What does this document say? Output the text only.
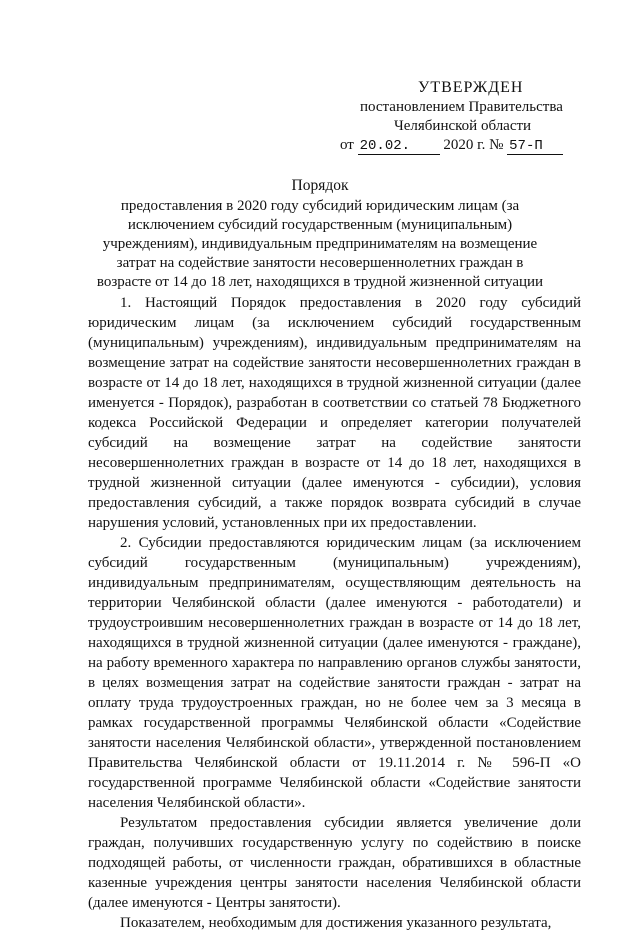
УТВЕРЖДЕН
постановлением Правительства
Челябинской области
от 20.02. 2020 г. № 57-П
Порядок
предоставления в 2020 году субсидий юридическим лицам (за исключением субсидий государственным (муниципальным) учреждениям), индивидуальным предпринимателям на возмещение затрат на содействие занятости несовершеннолетних граждан в возрасте от 14 до 18 лет, находящихся в трудной жизненной ситуации

1. Настоящий Порядок предоставления в 2020 году субсидий юридическим лицам (за исключением субсидий государственным (муниципальным) учреждениям), индивидуальным предпринимателям на возмещение затрат на содействие занятости несовершеннолетних граждан в возрасте от 14 до 18 лет, находящихся в трудной жизненной ситуации (далее именуется - Порядок), разработан в соответствии со статьей 78 Бюджетного кодекса Российской Федерации и определяет категории получателей субсидий на возмещение затрат на содействие занятости несовершеннолетних граждан в возрасте от 14 до 18 лет, находящихся в трудной жизненной ситуации (далее именуются - субсидии), условия предоставления субсидий, а также порядок возврата субсидий в случае нарушения условий, установленных при их предоставлении.

2. Субсидии предоставляются юридическим лицам (за исключением субсидий государственным (муниципальным) учреждениям), индивидуальным предпринимателям, осуществляющим деятельность на территории Челябинской области (далее именуются - работодатели) и трудоустроившим несовершеннолетних граждан в возрасте от 14 до 18 лет, находящихся в трудной жизненной ситуации (далее именуются - граждане), на работу временного характера по направлению органов службы занятости, в целях возмещения затрат на содействие занятости граждан - затрат на оплату труда трудоустроенных граждан, но не более чем за 3 месяца в рамках государственной программы Челябинской области «Содействие занятости населения Челябинской области», утвержденной постановлением Правительства Челябинской области от 19.11.2014 г. № 596-П «О государственной программе Челябинской области «Содействие занятости населения Челябинской области».

Результатом предоставления субсидии является увеличение доли граждан, получивших государственную услугу по содействию в поиске подходящей работы, от численности граждан, обратившихся в областные казенные учреждения центры занятости населения Челябинской области (далее именуются - Центры занятости).

Показателем, необходимым для достижения указанного результата,
